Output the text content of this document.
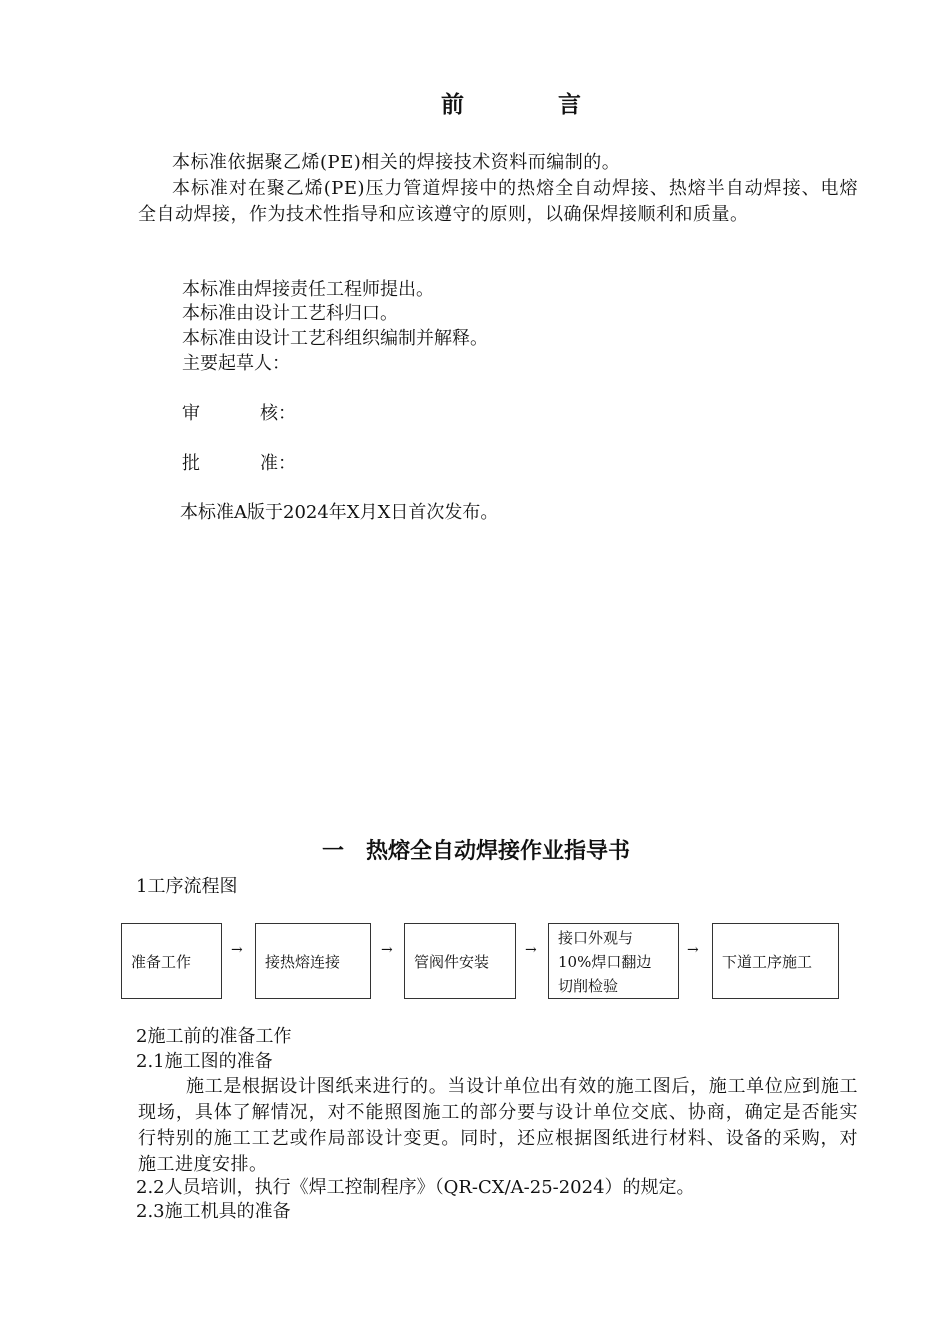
前	言
本标准依据聚乙烯(PE)相关的焊接技术资料而编制的。
本标准对在聚乙烯(PE)压力管道焊接中的热熔全自动焊接、热熔半自动焊接、电熔全自动焊接，作为技术性指导和应该遵守的原则，以确保焊接顺利和质量。
本标准由焊接责任工程师提出。
本标准由设计工艺科归口。
本标准由设计工艺科组织编制并解释。
主要起草人：
审	核：
批	准：
本标准A版于2024年X月X日首次发布。
一　热熔全自动焊接作业指导书
1工序流程图
准备工作
→
接热熔连接
→
管阀件安装
→
接口外观与
10%焊口翻边
切削检验
→
下道工序施工
2施工前的准备工作
2.1施工图的准备
施工是根据设计图纸来进行的。当设计单位出有效的施工图后，施工单位应到施工现场，具体了解情况，对不能照图施工的部分要与设计单位交底、协商，确定是否能实行特别的施工工艺或作局部设计变更。同时，还应根据图纸进行材料、设备的采购，对施工进度安排。
2.2人员培训，执行《焊工控制程序》（QR-CX/A-25-2024）的规定。
2.3施工机具的准备
